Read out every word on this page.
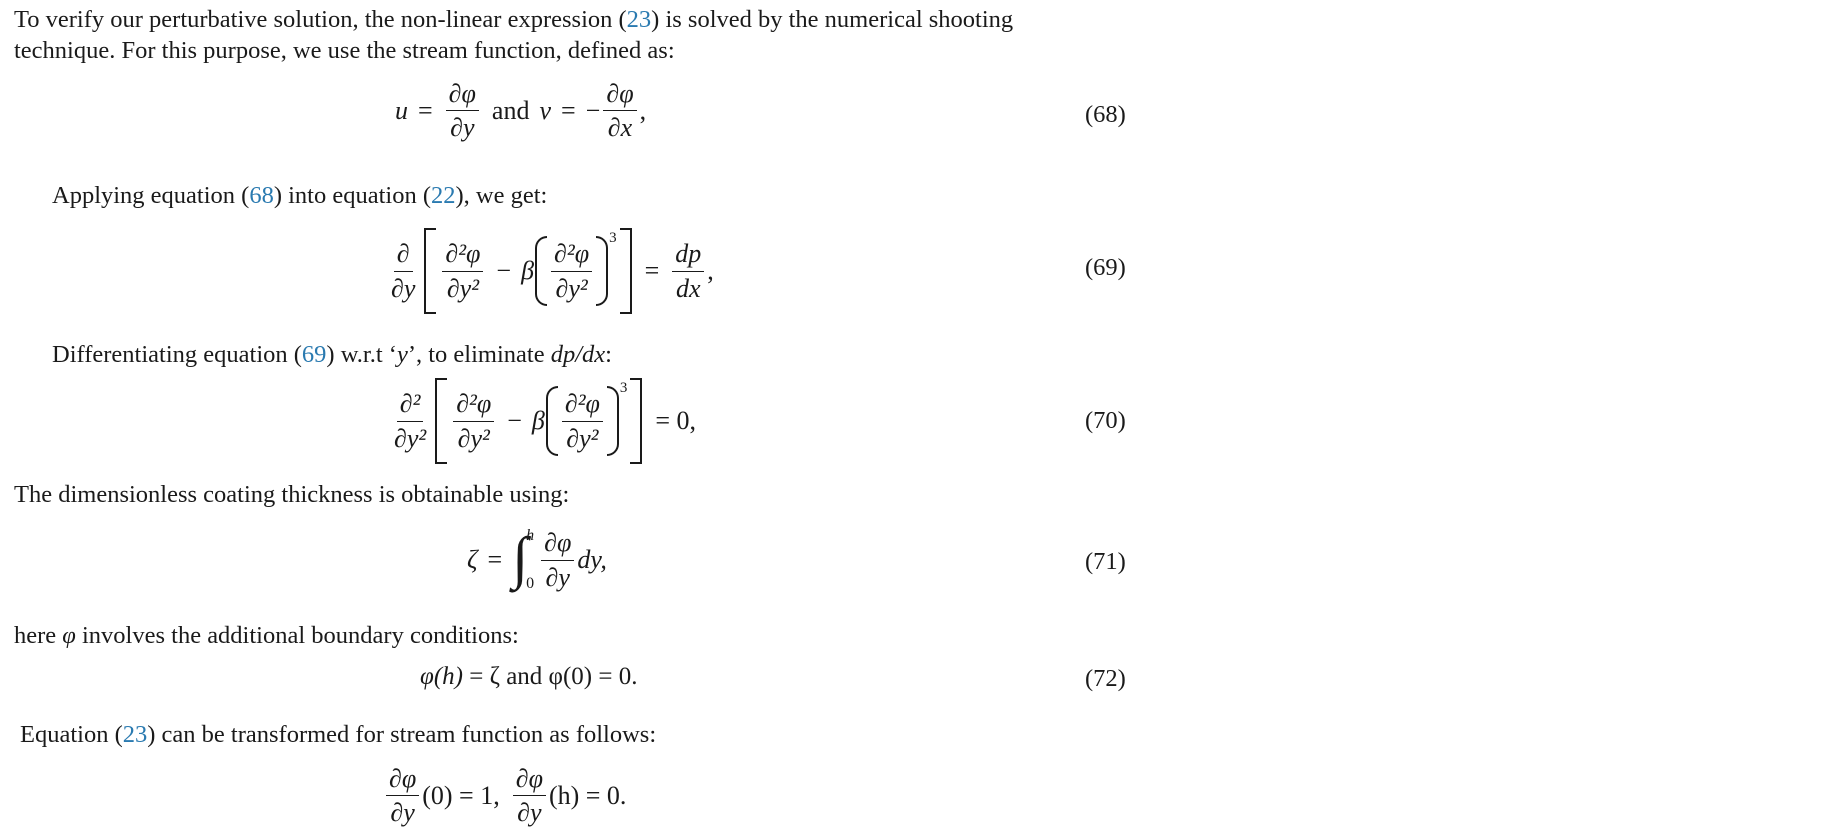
To verify our perturbative solution, the non-linear expression (23) is solved by the numerical shooting
technique. For this purpose, we use the stream function, defined as:
$u = \frac{\partial\varphi}{\partial y}$ and v = − $\frac{\partial\varphi}{\partial x}$ ,	(68)
Applying equation (68) into equation (22), we get:
$\frac{\partial}{\partial y} \frac{\text{∂²φ}}{\text{∂y²}} - \beta \frac{\text{∂²φ}}{\text{∂y²}}$
3
= $\frac{dp}{dx}$ ,	(69)
Differentiating equation (69) w.r.t ‘y’, to eliminate dp/dx:
$\frac{\text{∂²}}{\text{∂y²}} \frac{\text{∂²φ}}{\text{∂y²}} - \beta \frac{\text{∂²φ}}{\text{∂y²}}$
3
= 0,	(70)
The dimensionless coating thickness is obtainable using:
ζ = ∫
h
$0 \frac{\partial\varphi}{\partial y}$ dy,	(71)
here φ involves the additional boundary conditions:
φ(h) = ζ and φ(0) = 0.	(72)
Equation (23) can be transformed for stream function as follows:
$\frac{\partial\varphi}{\partial y} (0) = 1$, $\frac{\partial\varphi}{\partial y} (h) = 0$.
